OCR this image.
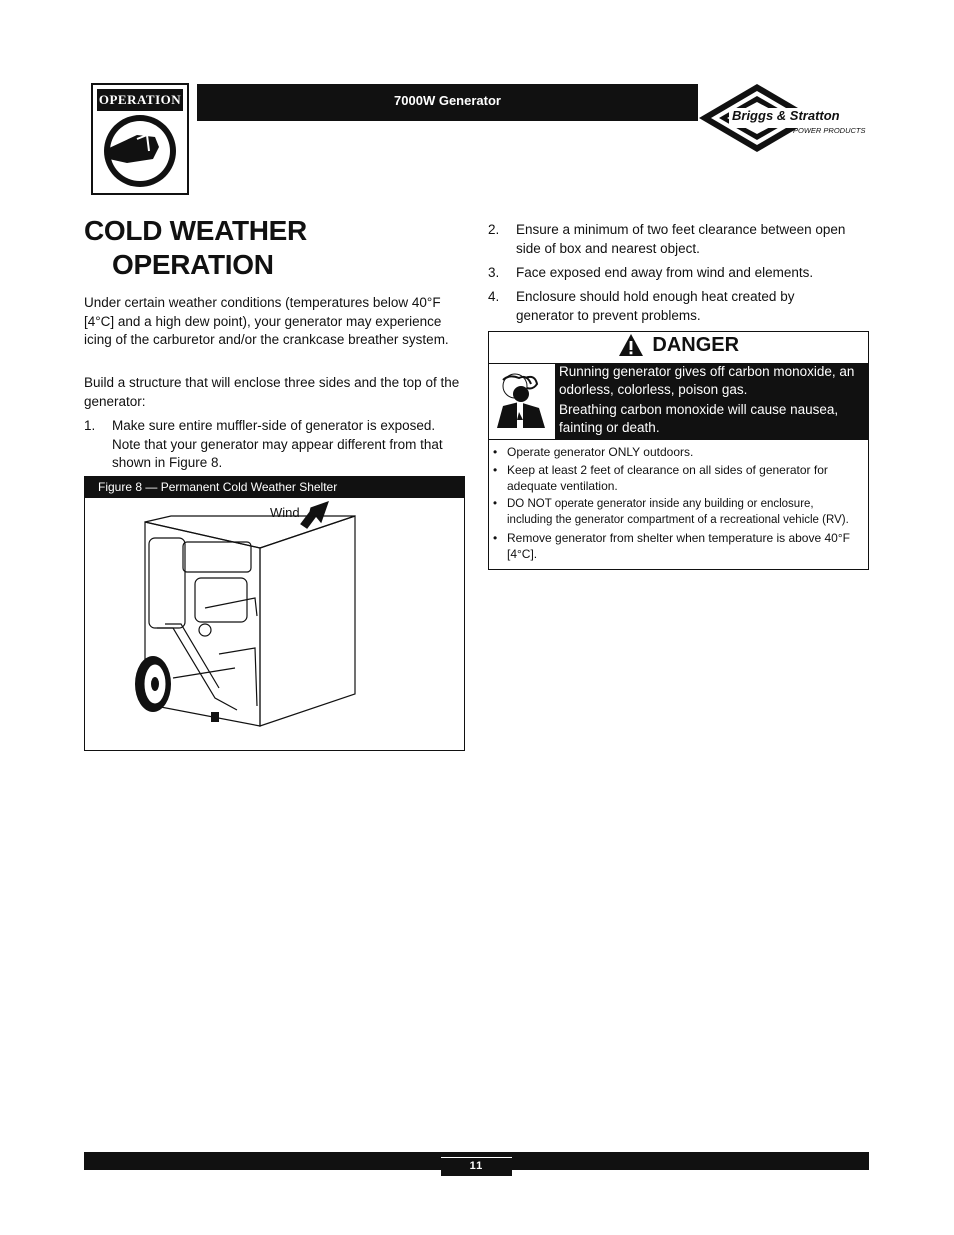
OPERATION	7000W Generator
Briggs & Stratton
POWER PRODUCTS
COLD WEATHER
OPERATION

Under certain weather conditions (temperatures below 40°F [4°C] and a high dew point), your generator may experience icing of the carburetor and/or the crankcase breather system.

Build a structure that will enclose three sides and the top of the generator:

1. Make sure entire muffler-side of generator is exposed. Note that your generator may appear different from that shown in Figure 8.
Figure 8 — Permanent Cold Weather Shelter
Wind
2. Ensure a minimum of two feet clearance between open side of box and nearest object.
3. Face exposed end away from wind and elements.
4. Enclosure should hold enough heat created by generator to prevent problems.
DANGER

Running generator gives off carbon monoxide, an odorless, colorless, poison gas.

Breathing carbon monoxide will cause nausea, fainting or death.

• Operate generator ONLY outdoors.
• Keep at least 2 feet of clearance on all sides of generator for adequate ventilation.
• DO NOT operate generator inside any building or enclosure, including the generator compartment of a recreational vehicle (RV).
• Remove generator from shelter when temperature is above 40°F [4°C].
11
